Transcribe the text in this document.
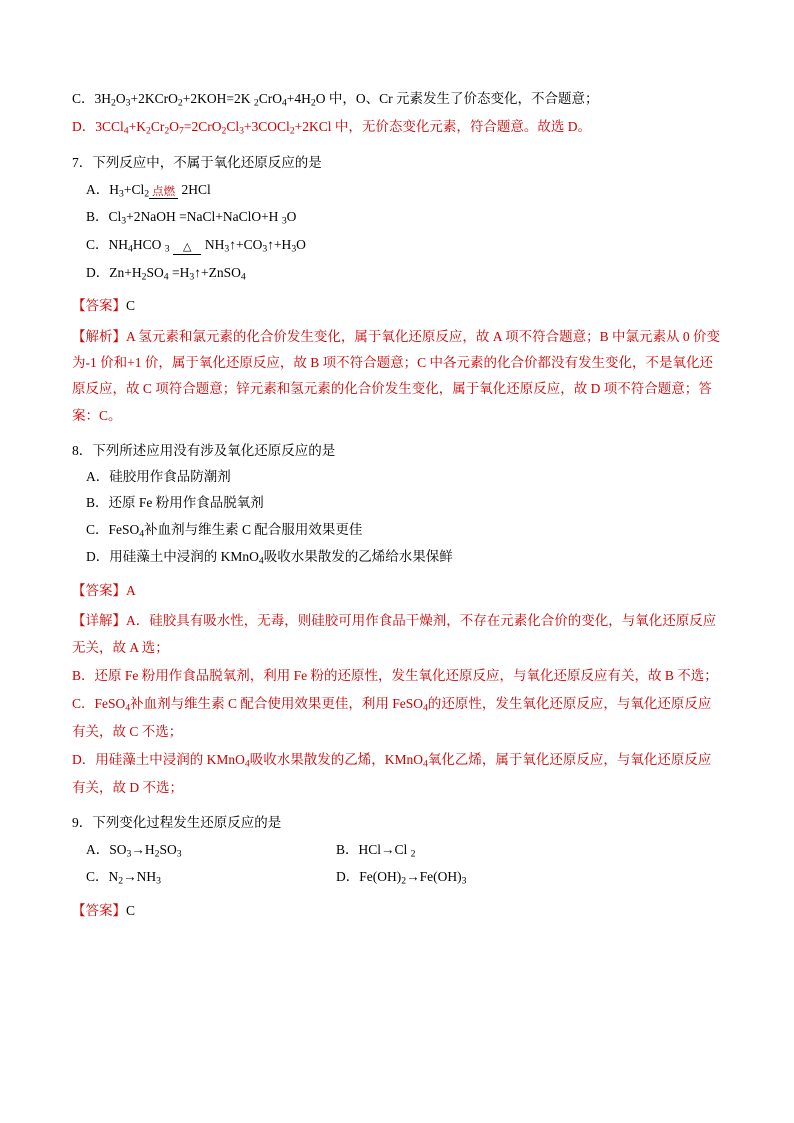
C．$3H_2O_3+2KCrO_2+2KOH=2K$ $_2CrO_4+4H_2O$ 中，O、Cr 元素发生了价态变化，不合题意；
D．$3CCl_4+K_2Cr_2O_7=2CrO_2Cl_3+3COCl_2+2KCl$ 中，无价态变化元素，符合题意。故选 D。
7．下列反应中，不属于氧化还原反应的是
A．$H_3+Cl_2$ 点燃 2HCl
B．$Cl_3+2NaOH$ =NaCl+NaClO+H $_3$O
C．$NH_4HCO$ $_3$ △ $NH_3↑+CO_3↑+H_3O$
D．$Zn+H_2SO_4$ $=H_3↑+ZnSO_4$
【答案】C
【解析】A 氢元素和氯元素的化合价发生变化，属于氧化还原反应，故 A 项不符合题意；B 中氯元素从 0 价变为-1 价和+1 价，属于氧化还原反应，故 B 项不符合题意；C 中各元素的化合价都没有发生变化，不是氧化还原反应，故 C 项符合题意；锌元素和氢元素的化合价发生变化，属于氧化还原反应，故 D 项不符合题意；答案：C。
8．下列所述应用没有涉及氧化还原反应的是
A．硅胶用作食品防潮剂
B．还原 Fe 粉用作食品脱氧剂
C．FeSO$_4$补血剂与维生素 C 配合服用效果更佳
D．用硅藻土中浸润的 KMnO$_4$吸收水果散发的乙烯给水果保鲜
【答案】A
【详解】A．硅胶具有吸水性，无毒，则硅胶可用作食品干燥剂，不存在元素化合价的变化，与氧化还原反应无关，故 A 选；
B．还原 Fe 粉用作食品脱氧剂，利用 Fe 粉的还原性，发生氧化还原反应，与氧化还原反应有关，故 B 不选；
C．FeSO$_4$补血剂与维生素 C 配合使用效果更佳，利用 FeSO$_4$的还原性，发生氧化还原反应，与氧化还原反应有关，故 C 不选；
D．用硅藻土中浸润的 KMnO$_4$吸收水果散发的乙烯，KMnO$_4$氧化乙烯，属于氧化还原反应，与氧化还原反应有关，故 D 不选；
9．下列变化过程发生还原反应的是
A．$SO_3\to H_2SO_3$	B．HCl→Cl $_2$
C．$N_2\to NH_3$	D．$Fe(OH)_2\to Fe(OH)_3$
【答案】C
